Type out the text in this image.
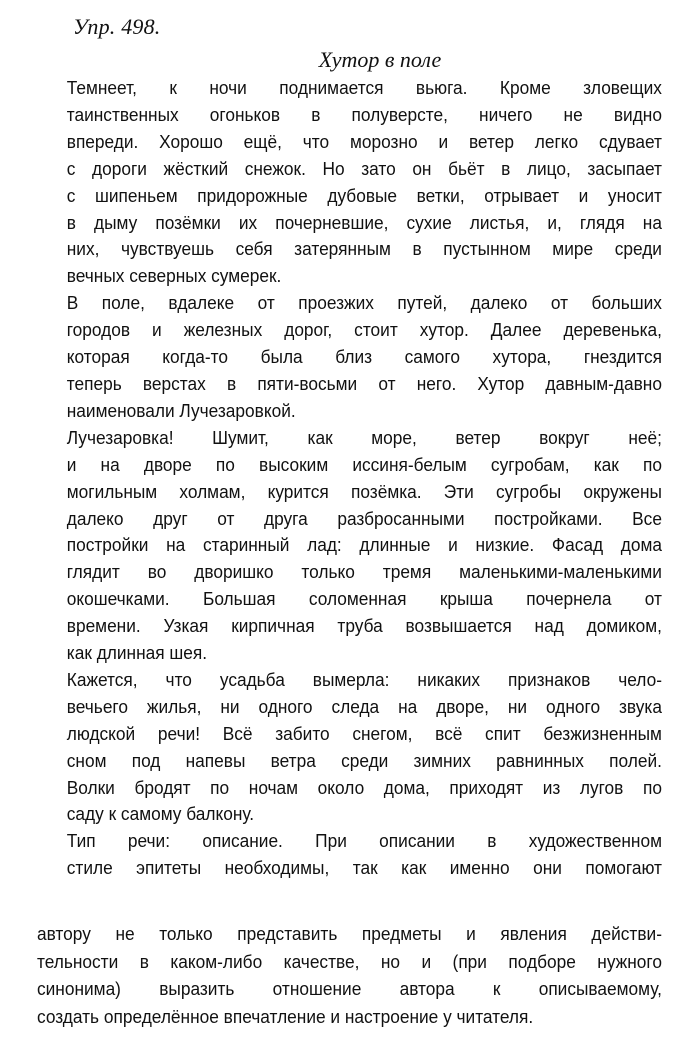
Упр. 498.
Хутор в поле

Темнеет, к ночи поднимается вьюга. Кроме зловещих
таинственных огоньков в полуверсте, ничего не видно
впереди. Хорошо ещё, что морозно и ветер легко сдувает
с дороги жёсткий снежок. Но зато он бьёт в лицо, засыпает
с шипеньем придорожные дубовые ветки, отрывает и уносит
в дыму позёмки их почерневшие, сухие листья, и, глядя на
них, чувствуешь себя затерянным в пустынном мире среди
вечных северных сумерек.

В поле, вдалеке от проезжих путей, далеко от больших
городов и железных дорог, стоит хутор. Далее деревенька,
которая когда-то была близ самого хутора, гнездится
теперь верстах в пяти-восьми от него. Хутор давным-давно
наименовали Лучезаровкой.

Лучезаровка! Шумит, как море, ветер вокруг неё;
и на дворе по высоким иссиня-белым сугробам, как по
могильным холмам, курится позёмка. Эти сугробы окружены
далеко друг от друга разбросанными постройками. Все
постройки на старинный лад: длинные и низкие. Фасад дома
глядит во дворишко только тремя маленькими-маленькими
окошечками. Большая соломенная крыша почернела от
времени. Узкая кирпичная труба возвышается над домиком,
как длинная шея.

Кажется, что усадьба вымерла: никаких признаков чело-
вечьего жилья, ни одного следа на дворе, ни одного звука
людской речи! Всё забито снегом, всё спит безжизненным
сном под напевы ветра среди зимних равнинных полей.
Волки бродят по ночам около дома, приходят из лугов по
саду к самому балкону.

Тип речи: описание. При описании в художественном
стиле эпитеты необходимы, так как именно они помогают

автору не только представить предметы и явления действи-
тельности в каком-либо качестве, но и (при подборе нужного
синонима) выразить отношение автора к описываемому,
создать определённое впечатление и настроение у читателя.
